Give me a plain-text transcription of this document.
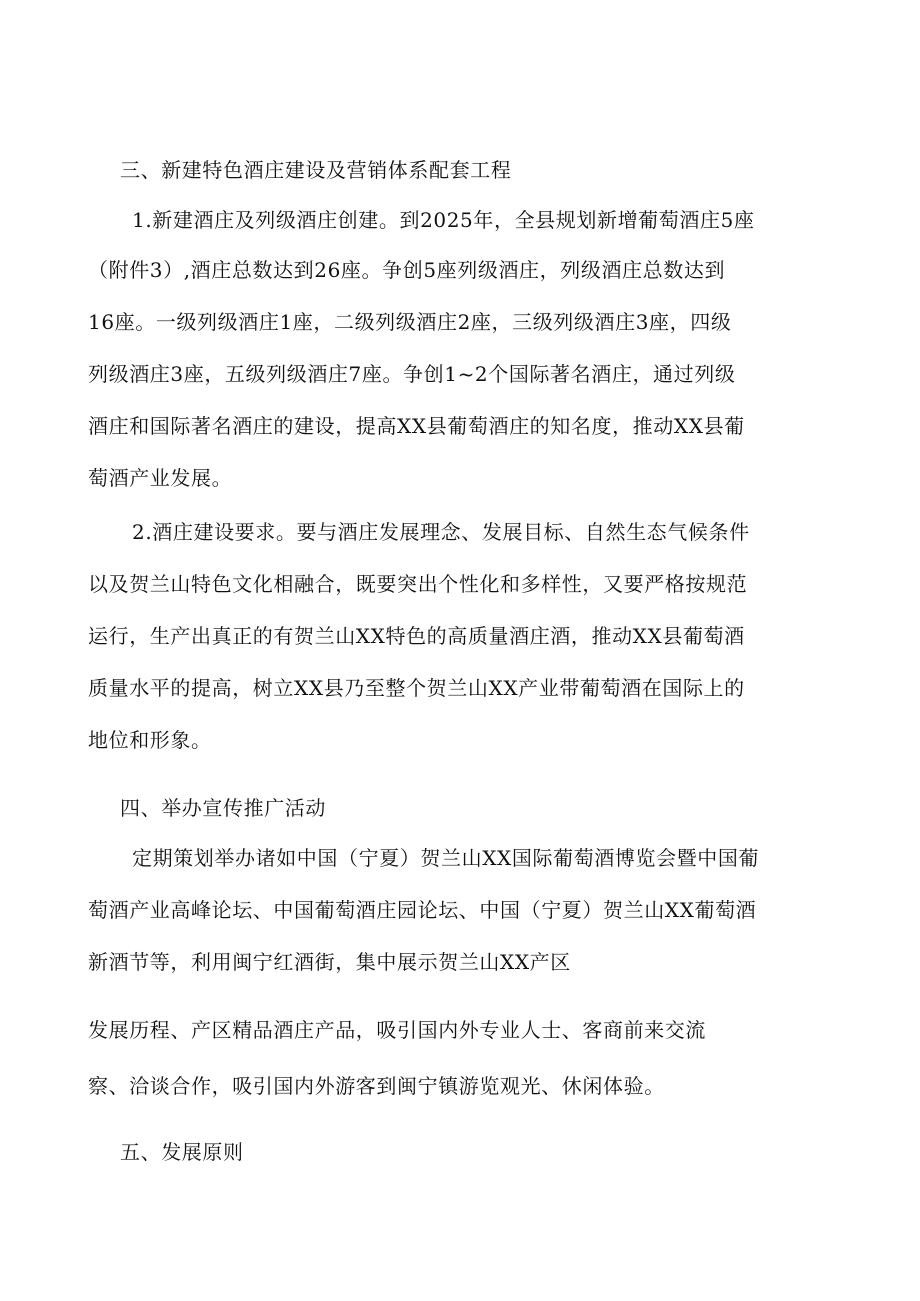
三、新建特色酒庄建设及营销体系配套工程
1.新建酒庄及列级酒庄创建。到2025年，全县规划新增葡萄酒庄5座
（附件3）,酒庄总数达到26座。争创5座列级酒庄，列级酒庄总数达到
16座。一级列级酒庄1座，二级列级酒庄2座，三级列级酒庄3座，四级
列级酒庄3座，五级列级酒庄7座。争创1~2个国际著名酒庄，通过列级
酒庄和国际著名酒庄的建设，提高XX县葡萄酒庄的知名度，推动XX县葡
萄酒产业发展。
2.酒庄建设要求。要与酒庄发展理念、发展目标、自然生态气候条件
以及贺兰山特色文化相融合，既要突出个性化和多样性，又要严格按规范
运行，生产出真正的有贺兰山XX特色的高质量酒庄酒，推动XX县葡萄酒
质量水平的提高，树立XX县乃至整个贺兰山XX产业带葡萄酒在国际上的
地位和形象。
四、举办宣传推广活动
定期策划举办诸如中国（宁夏）贺兰山XX国际葡萄酒博览会暨中国葡
萄酒产业高峰论坛、中国葡萄酒庄园论坛、中国（宁夏）贺兰山XX葡萄酒
新酒节等，利用闽宁红酒街，集中展示贺兰山XX产区
发展历程、产区精品酒庄产品，吸引国内外专业人士、客商前来交流
察、洽谈合作，吸引国内外游客到闽宁镇游览观光、休闲体验。
五、发展原则
